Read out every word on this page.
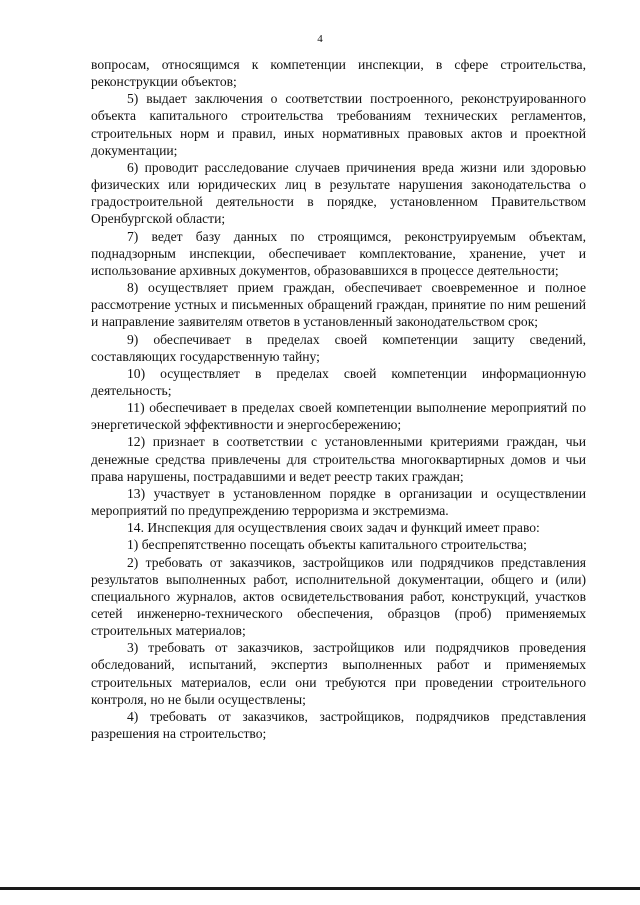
4

вопросам, относящимся к компетенции инспекции, в сфере строительства, реконструкции объектов;

5) выдает заключения о соответствии построенного, реконструированного объекта капитального строительства требованиям технических регламентов, строительных норм и правил, иных нормативных правовых актов и проектной документации;

6) проводит расследование случаев причинения вреда жизни или здоровью физических или юридических лиц в результате нарушения законодательства о градостроительной деятельности в порядке, установленном Правительством Оренбургской области;

7) ведет базу данных по строящимся, реконструируемым объектам, поднадзорным инспекции, обеспечивает комплектование, хранение, учет и использование архивных документов, образовавшихся в процессе деятельности;

8) осуществляет прием граждан, обеспечивает своевременное и полное рассмотрение устных и письменных обращений граждан, принятие по ним решений и направление заявителям ответов в установленный законодательством срок;

9) обеспечивает в пределах своей компетенции защиту сведений, составляющих государственную тайну;

10) осуществляет в пределах своей компетенции информационную деятельность;

11) обеспечивает в пределах своей компетенции выполнение мероприятий по энергетической эффективности и энергосбережению;

12) признает в соответствии с установленными критериями граждан, чьи денежные средства привлечены для строительства многоквартирных домов и чьи права нарушены, пострадавшими и ведет реестр таких граждан;

13) участвует в установленном порядке в организации и осуществлении мероприятий по предупреждению терроризма и экстремизма.

14. Инспекция для осуществления своих задач и функций имеет право:

1) беспрепятственно посещать объекты капитального строительства;

2) требовать от заказчиков, застройщиков или подрядчиков представления результатов выполненных работ, исполнительной документации, общего и (или) специального журналов, актов освидетельствования работ, конструкций, участков сетей инженерно-технического обеспечения, образцов (проб) применяемых строительных материалов;

3) требовать от заказчиков, застройщиков или подрядчиков проведения обследований, испытаний, экспертиз выполненных работ и применяемых строительных материалов, если они требуются при проведении строительного контроля, но не были осуществлены;

4) требовать от заказчиков, застройщиков, подрядчиков представления разрешения на строительство;
